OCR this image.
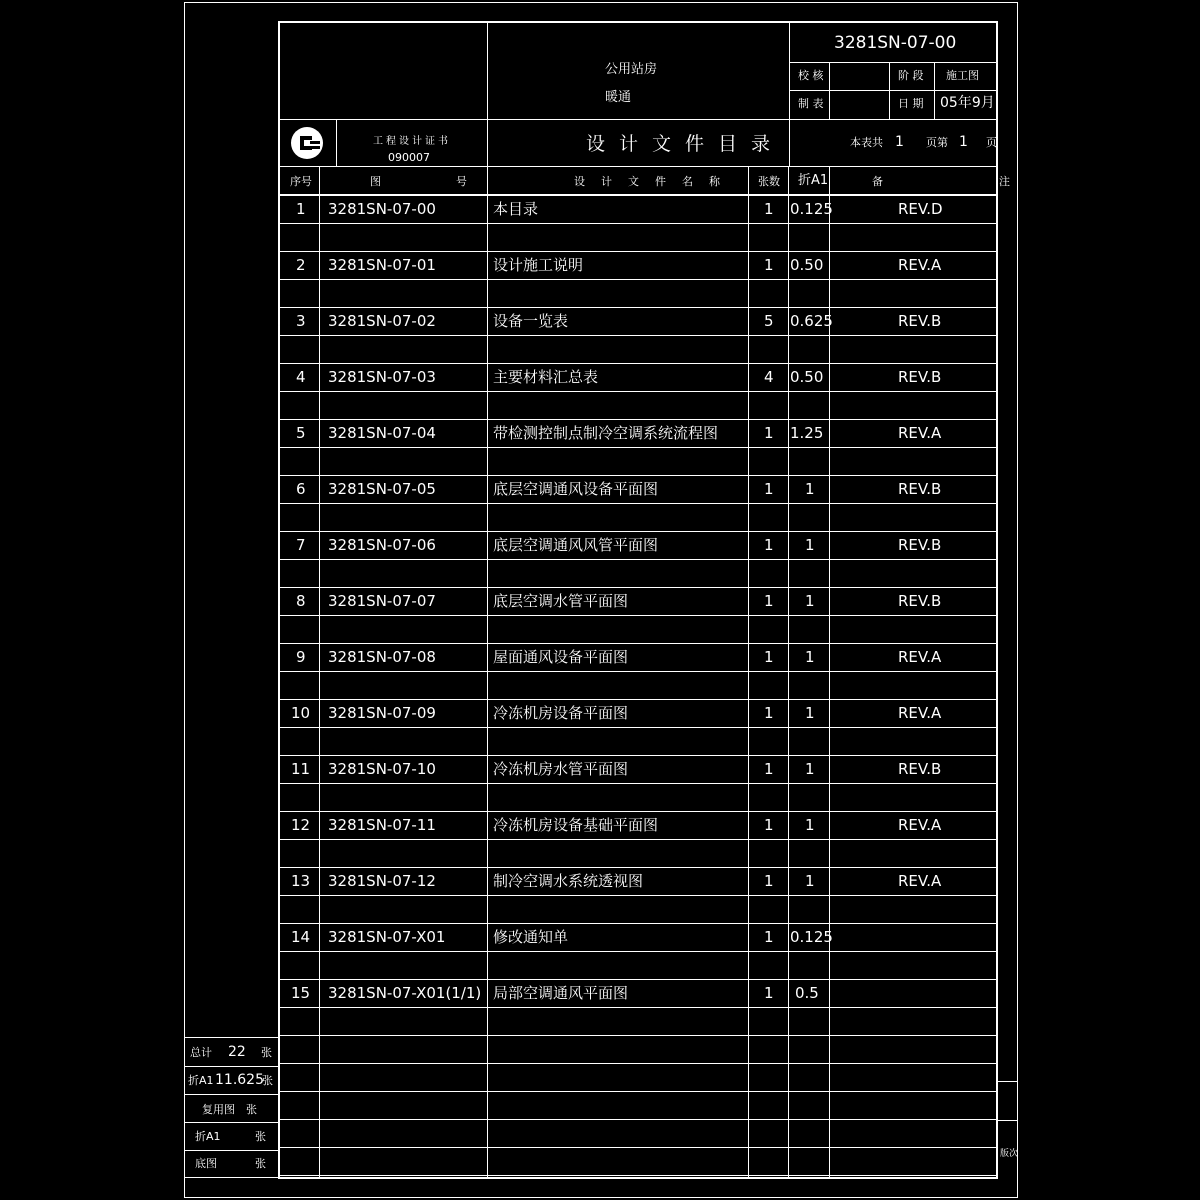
版次
总计 22 张
折A1 11.625
张
复用图 张
折A1	张
底图	张
3281SN-07-00
公用站房
暖通
校 核
制 表
阶 段 施工图
日 期 05年9月
工程设计证书
090007
设计文件目录	本表共 1 页第 1 页
序号	图	号	设计文件名称 张数 折A1	备	注
1 3281SN-07-00	本目录	1 0.125	REV.D
2 3281SN-07-01	设计施工说明	1 0.50	REV.A
3 3281SN-07-02	设备一览表	5 0.625	REV.B
4 3281SN-07-03	主要材料汇总表	4 0.50	REV.B
5 3281SN-07-04	带检测控制点制冷空调系统流程图	1 1.25	REV.A
6 3281SN-07-05	底层空调通风设备平面图	1 1	REV.B
7 3281SN-07-06	底层空调通风风管平面图	1 1	REV.B
8 3281SN-07-07	底层空调水管平面图	1 1	REV.B
9 3281SN-07-08	屋面通风设备平面图	1 1	REV.A
10 3281SN-07-09	冷冻机房设备平面图	1 1	REV.A
11 3281SN-07-10	冷冻机房水管平面图	1 1	REV.B
12 3281SN-07-11	冷冻机房设备基础平面图	1 1	REV.A
13 3281SN-07-12	制冷空调水系统透视图	1 1	REV.A
14 3281SN-07-X01	修改通知单	1 0.125
15 3281SN-07-X01(1/1) 局部空调通风平面图	1 0.5
